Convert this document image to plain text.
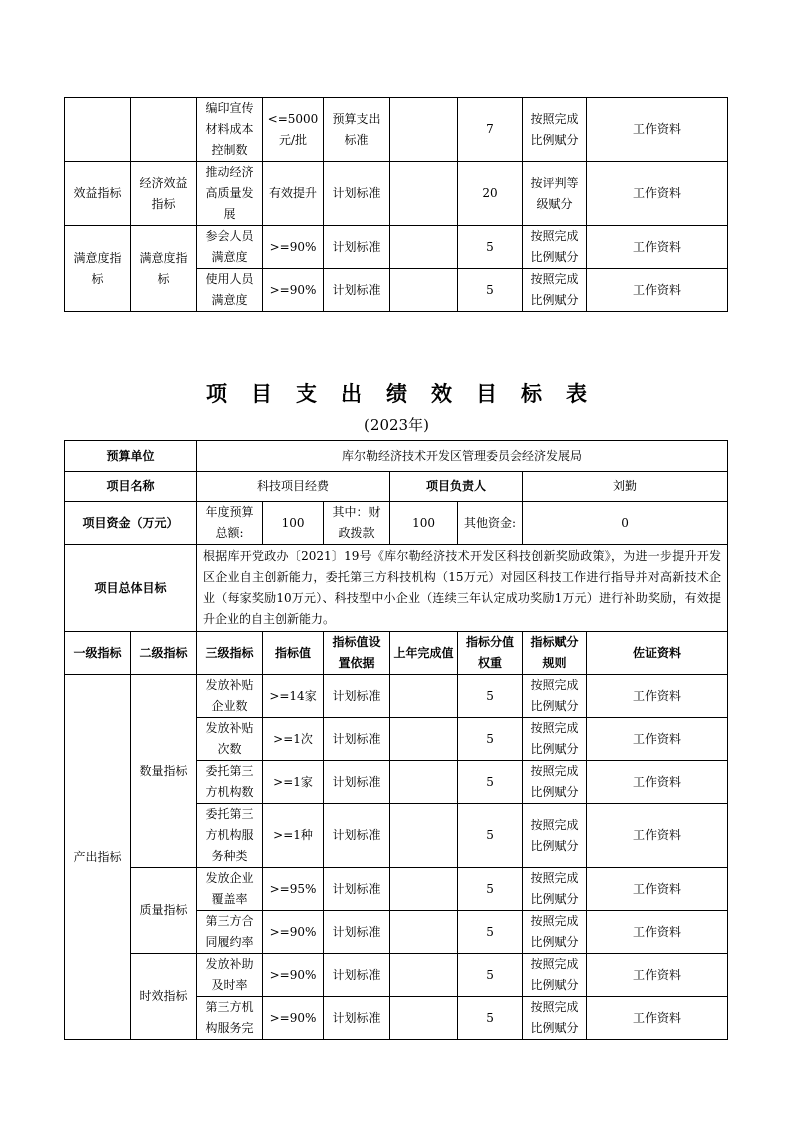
		编印宣传材料成本控制数	<=5000元/批	预算支出标准		7	按照完成比例赋分	工作资料
效益指标	经济效益指标	推动经济高质量发展	有效提升	计划标准		20	按评判等级赋分	工作资料
满意度指标	满意度指标	参会人员满意度	>=90%	计划标准		5	按照完成比例赋分	工作资料
		使用人员满意度	>=90%	计划标准		5	按照完成比例赋分	工作资料
项目支出绩效目标表
(2023年)
预算单位		库尔勒经济技术开发区管理委员会经济发展局						
项目名称		科技项目经费			项目负责人		刘勤	
项目资金（万元）		年度预算总额:	100	其中：财政拨款	100	其他资金:	0	
项目总体目标		根据库开党政办〔2021〕19号《库尔勒经济技术开发区科技创新奖励政策》，为进一步提升开发区企业自主创新能力，委托第三方科技机构（15万元）对园区科技工作进行指导并对高新技术企业（每家奖励10万元）、科技型中小企业（连续三年认定成功奖励1万元）进行补助奖励，有效提升企业的自主创新能力。						
一级指标	二级指标	三级指标	指标值	指标值设置依据	上年完成值	指标分值权重	指标赋分规则	佐证资料
产出指标	数量指标	发放补贴企业数	>=14家	计划标准		5	按照完成比例赋分	工作资料
		发放补贴次数	>=1次	计划标准		5	按照完成比例赋分	工作资料
		委托第三方机构数	>=1家	计划标准		5	按照完成比例赋分	工作资料
		委托第三方机构服务种类	>=1种	计划标准		5	按照完成比例赋分	工作资料
	质量指标	发放企业覆盖率	>=95%	计划标准		5	按照完成比例赋分	工作资料
		第三方合同履约率	>=90%	计划标准		5	按照完成比例赋分	工作资料
	时效指标	发放补助及时率	>=90%	计划标准		5	按照完成比例赋分	工作资料
		第三方机构服务完	>=90%	计划标准		5	按照完成比例赋分	工作资料
